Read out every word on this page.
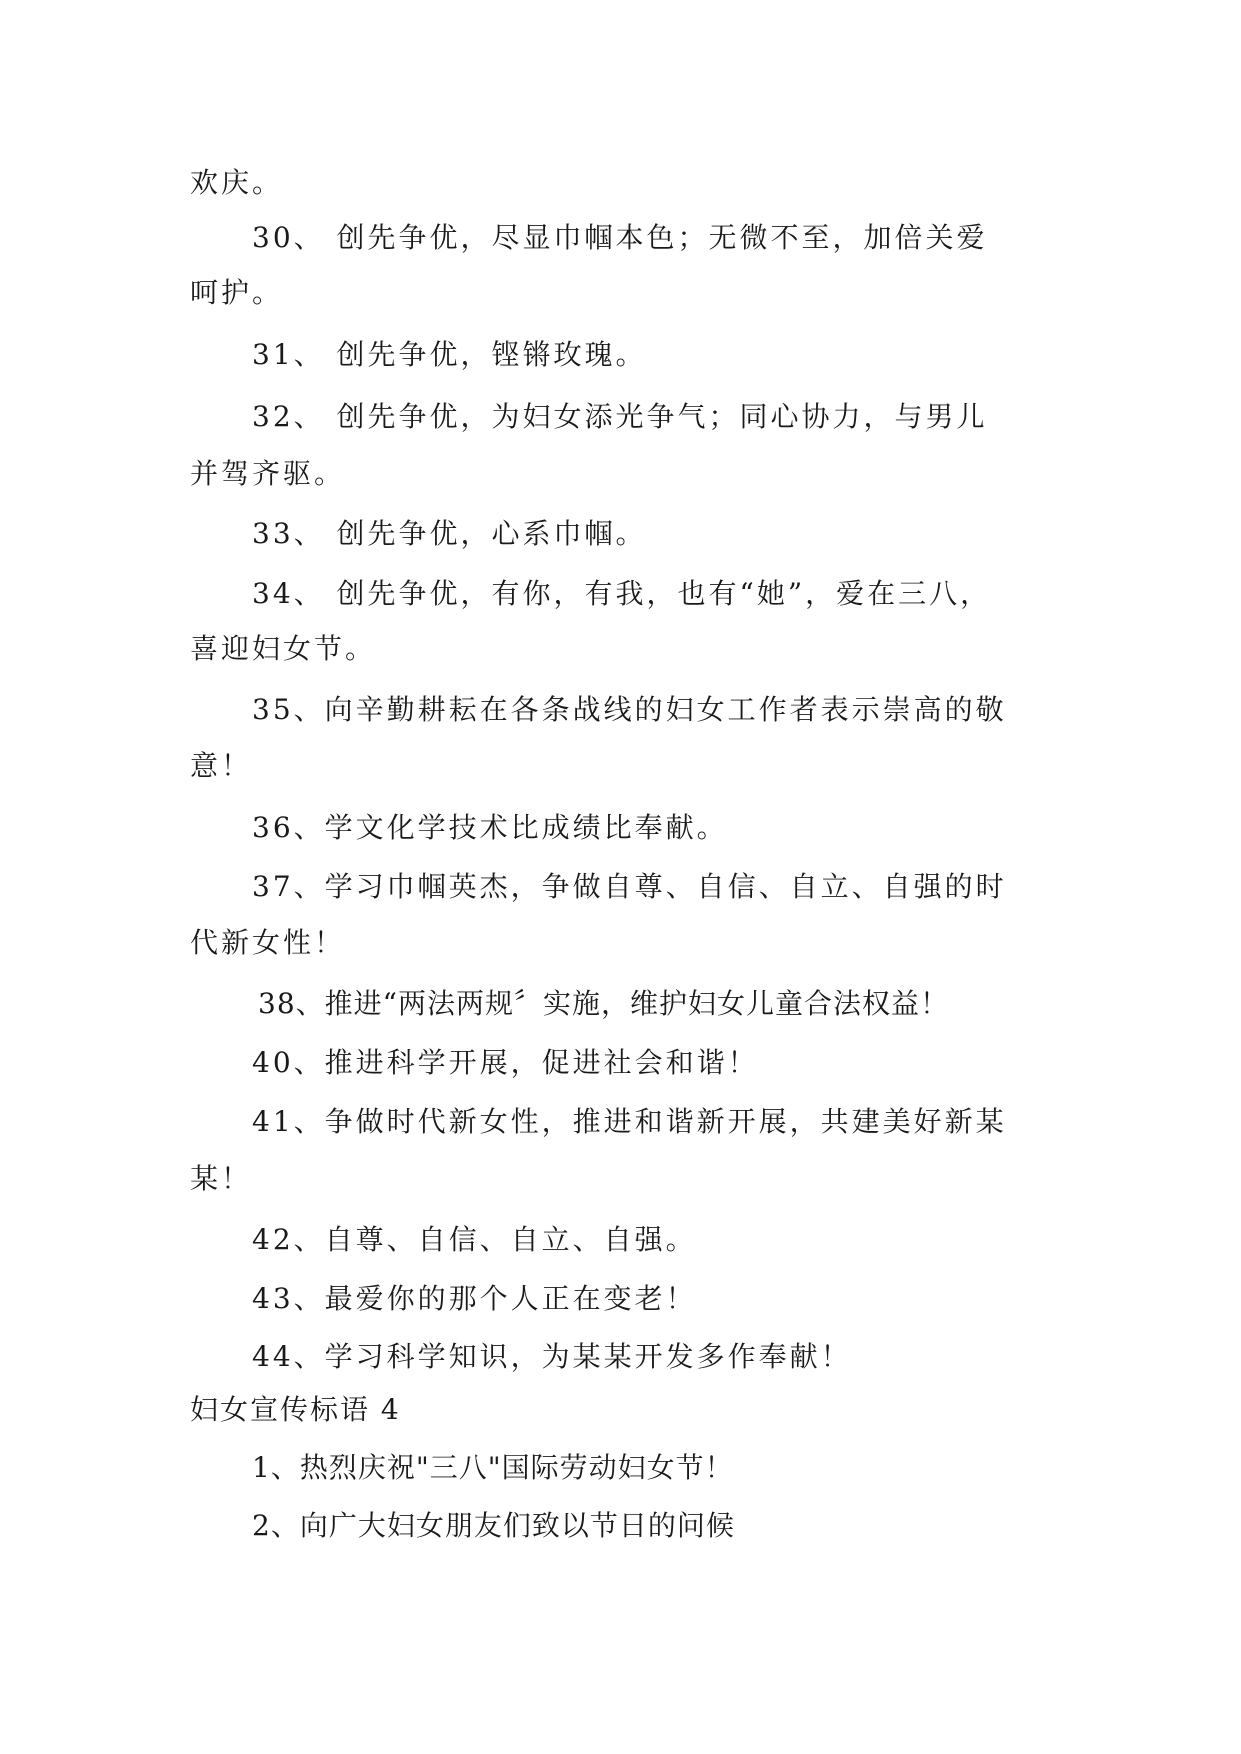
欢庆。
30、 创先争优，尽显巾帼本色；无微不至，加倍关爱
呵护。
31、 创先争优，铿锵玫瑰。
32、 创先争优，为妇女添光争气；同心协力，与男儿
并驾齐驱。
33、 创先争优，心系巾帼。
34、 创先争优，有你，有我，也有“她”，爱在三八，
喜迎妇女节。
35、向辛勤耕耘在各条战线的妇女工作者表示崇高的敬
意！
36、学文化学技术比成绩比奉献。
37、学习巾帼英杰，争做自尊、自信、自立、自强的时
代新女性！
38、推进“两法两规〞实施，维护妇女儿童合法权益！
40、推进科学开展，促进社会和谐！
41、争做时代新女性，推进和谐新开展，共建美好新某
某！
42、自尊、自信、自立、自强。
43、最爱你的那个人正在变老！
44、学习科学知识，为某某开发多作奉献！
妇女宣传标语 4
1、热烈庆祝"三八"国际劳动妇女节！
2、向广大妇女朋友们致以节日的问候
